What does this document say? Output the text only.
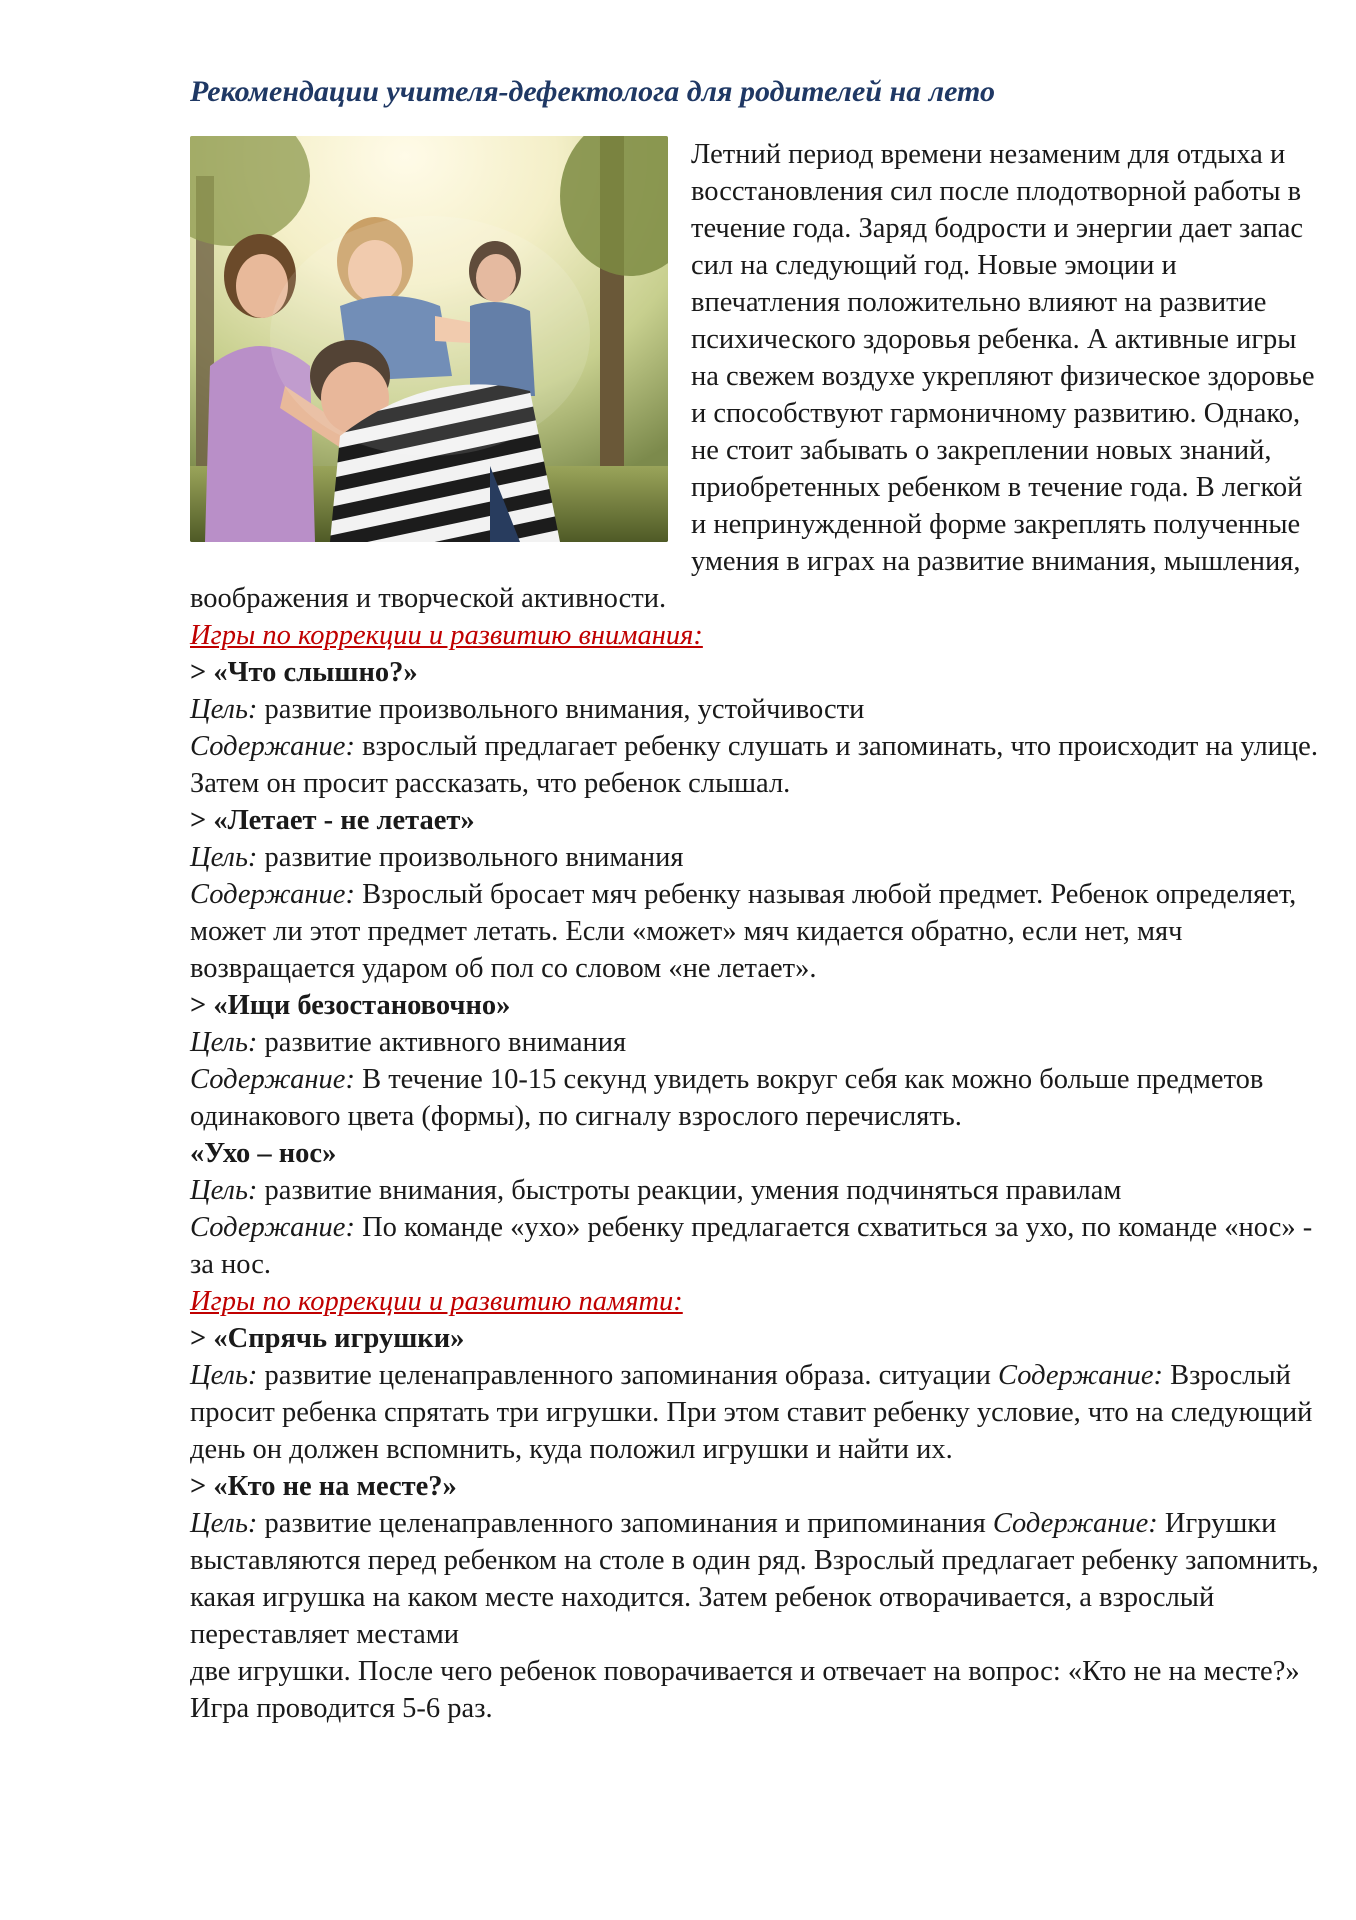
Рекомендации учителя-дефектолога для родителей на лето

Летний период времени незаменим для отдыха и восстановления сил после плодотворной работы в течение года. Заряд бодрости и энергии дает запас сил на следующий год. Новые эмоции и впечатления положительно влияют на развитие психического здоровья ребенка. А активные игры на свежем воздухе укрепляют физическое здоровье и способствуют гармоничному развитию. Однако, не стоит забывать о закреплении новых знаний, приобретенных ребенком в течение года. В легкой и непринужденной форме закреплять полученные умения в играх на развитие внимания, мышления, воображения и творческой активности.

Игры по коррекции и развитию внимания:

> «Что слышно?»

Цель: развитие произвольного внимания, устойчивости

Содержание: взрослый предлагает ребенку слушать и запоминать, что происходит на улице. Затем он просит рассказать, что ребенок слышал.

> «Летает - не летает»

Цель: развитие произвольного внимания

Содержание: Взрослый бросает мяч ребенку называя любой предмет. Ребенок определяет, может ли этот предмет летать. Если «может» мяч кидается обратно, если нет, мяч возвращается ударом об пол со словом «не летает».

> «Ищи безостановочно»

Цель: развитие активного внимания

Содержание: В течение 10-15 секунд увидеть вокруг себя как можно больше предметов одинакового цвета (формы), по сигналу взрослого перечислять.

«Ухо – нос»

Цель: развитие внимания, быстроты реакции, умения подчиняться правилам

Содержание: По команде «ухо» ребенку предлагается схватиться за ухо, по команде «нос» - за нос.

Игры по коррекции и развитию памяти:

> «Спрячь игрушки»

Цель: развитие целенаправленного запоминания образа. ситуации Содержание: Взрослый просит ребенка спрятать три игрушки. При этом ставит ребенку условие, что на следующий день он должен вспомнить, куда положил игрушки и найти их.

> «Кто не на месте?»

Цель: развитие целенаправленного запоминания и припоминания Содержание: Игрушки выставляются перед ребенком на столе в один ряд. Взрослый предлагает ребенку запомнить, какая игрушка на каком месте находится. Затем ребенок отворачивается, а взрослый переставляет местами

две игрушки. После чего ребенок поворачивается и отвечает на вопрос: «Кто не на месте?» Игра проводится 5-6 раз.
